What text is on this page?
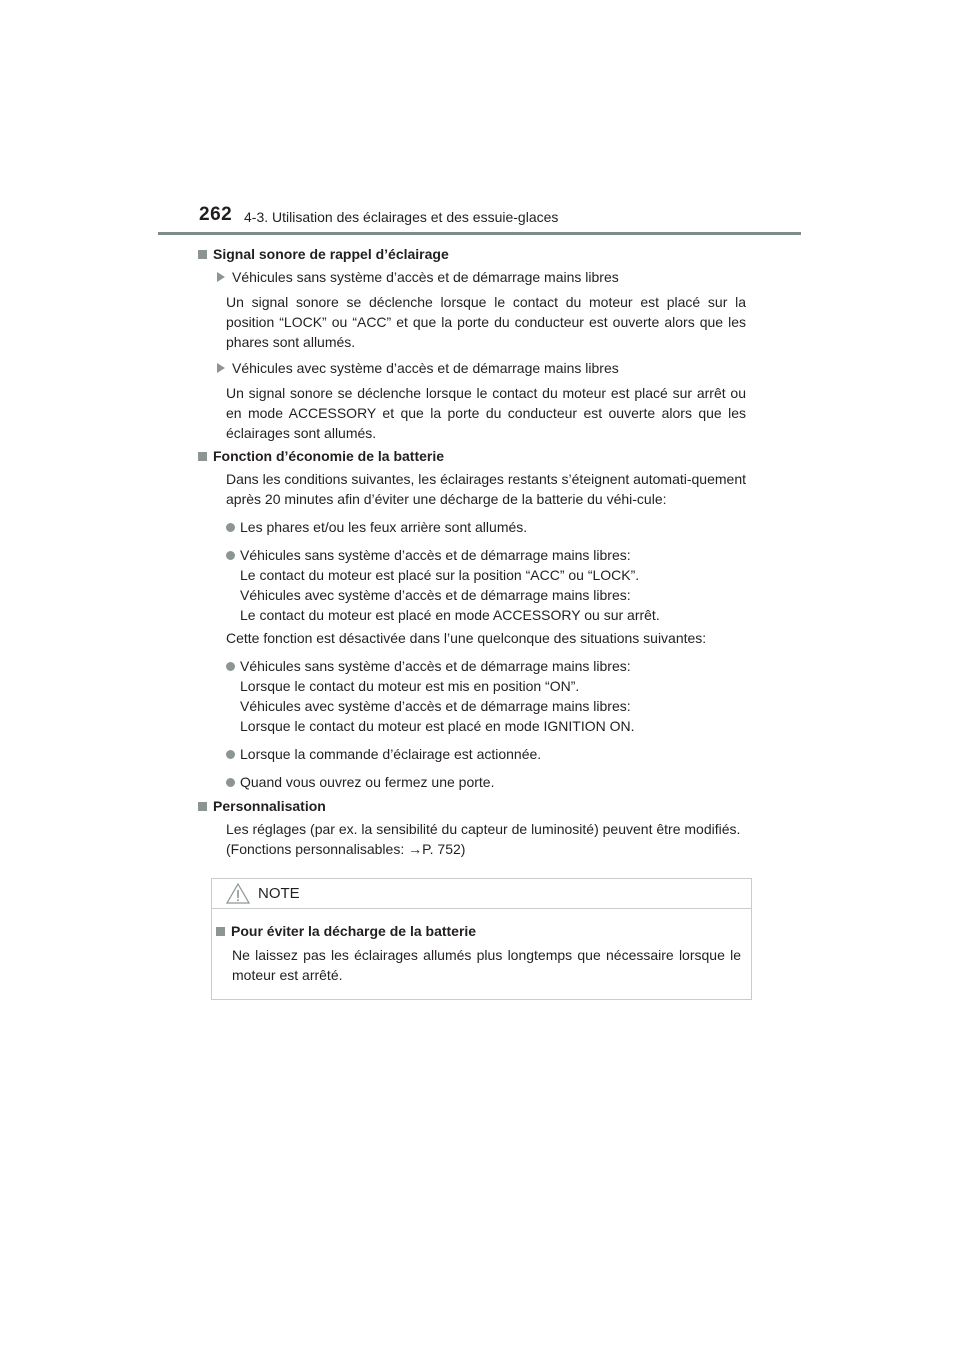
262 4-3. Utilisation des éclairages et des essuie-glaces
Signal sonore de rappel d’éclairage
Véhicules sans système d’accès et de démarrage mains libres
Un signal sonore se déclenche lorsque le contact du moteur est placé sur la position “LOCK” ou “ACC” et que la porte du conducteur est ouverte alors que les phares sont allumés.
Véhicules avec système d’accès et de démarrage mains libres
Un signal sonore se déclenche lorsque le contact du moteur est placé sur arrêt ou en mode ACCESSORY et que la porte du conducteur est ouverte alors que les éclairages sont allumés.
Fonction d’économie de la batterie
Dans les conditions suivantes, les éclairages restants s’éteignent automati-quement après 20 minutes afin d’éviter une décharge de la batterie du véhi-cule:
Les phares et/ou les feux arrière sont allumés.
Véhicules sans système d’accès et de démarrage mains libres:
Le contact du moteur est placé sur la position “ACC” ou “LOCK”.
Véhicules avec système d’accès et de démarrage mains libres:
Le contact du moteur est placé en mode ACCESSORY ou sur arrêt.
Cette fonction est désactivée dans l’une quelconque des situations suivantes:
Véhicules sans système d’accès et de démarrage mains libres:
Lorsque le contact du moteur est mis en position “ON”.
Véhicules avec système d’accès et de démarrage mains libres:
Lorsque le contact du moteur est placé en mode IGNITION ON.
Lorsque la commande d’éclairage est actionnée.
Quand vous ouvrez ou fermez une porte.
Personnalisation
Les réglages (par ex. la sensibilité du capteur de luminosité) peuvent être modifiés.
(Fonctions personnalisables: →P. 752)
NOTE
Pour éviter la décharge de la batterie
Ne laissez pas les éclairages allumés plus longtemps que nécessaire lorsque le moteur est arrêté.
